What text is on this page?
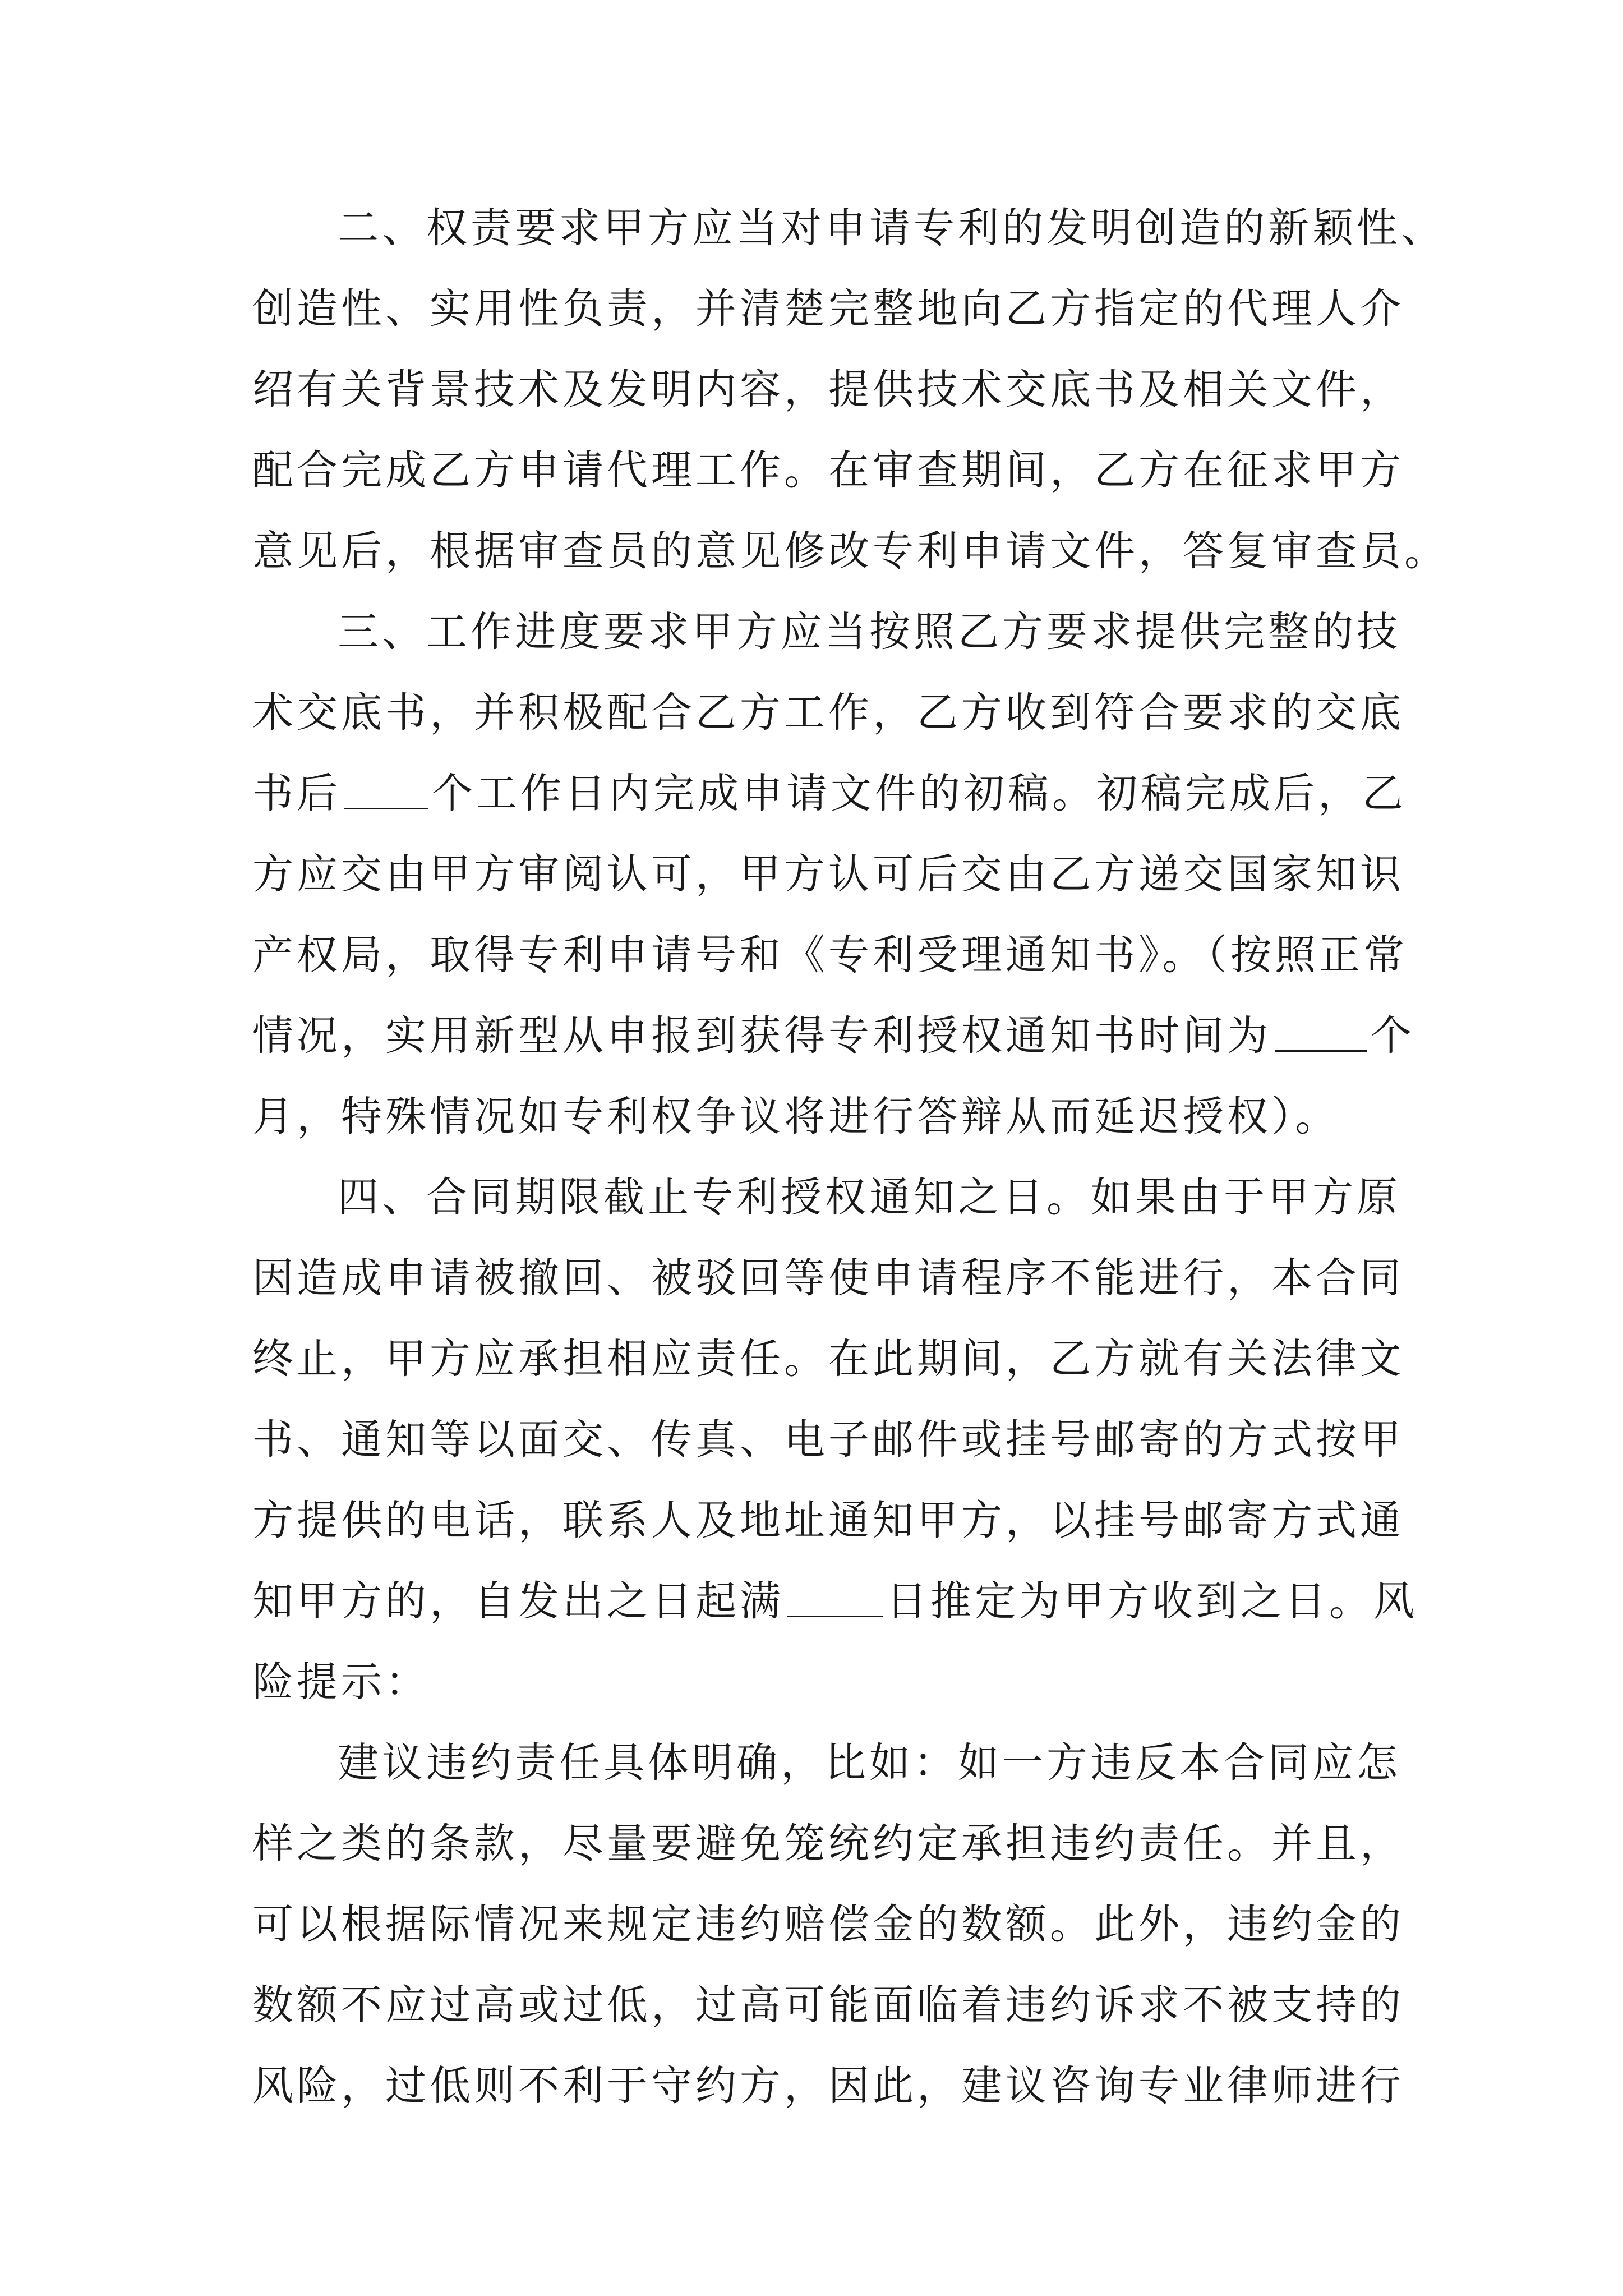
二、权责要求甲方应当对申请专利的发明创造的新颖性、
创造性、实用性负责，并清楚完整地向乙方指定的代理人介
绍有关背景技术及发明内容，提供技术交底书及相关文件，
配合完成乙方申请代理工作。在审查期间，乙方在征求甲方
意见后，根据审查员的意见修改专利申请文件，答复审查员。
三、工作进度要求甲方应当按照乙方要求提供完整的技
术交底书，并积极配合乙方工作，乙方收到符合要求的交底
书后 个工作日内完成申请文件的初稿。初稿完成后，乙
方应交由甲方审阅认可，甲方认可后交由乙方递交国家知识
产权局，取得专利申请号和《专利受理通知书》。（按照正常
情况，实用新型从申报到获得专利授权通知书时间为 个
月，特殊情况如专利权争议将进行答辩从而延迟授权）。
四、合同期限截止专利授权通知之日。如果由于甲方原
因造成申请被撤回、被驳回等使申请程序不能进行，本合同
终止，甲方应承担相应责任。在此期间，乙方就有关法律文
书、通知等以面交、传真、电子邮件或挂号邮寄的方式按甲
方提供的电话，联系人及地址通知甲方，以挂号邮寄方式通
知甲方的，自发出之日起满 日推定为甲方收到之日。风
险提示：
建议违约责任具体明确，比如：如一方违反本合同应怎
样之类的条款，尽量要避免笼统约定承担违约责任。并且，
可以根据际情况来规定违约赔偿金的数额。此外，违约金的
数额不应过高或过低，过高可能面临着违约诉求不被支持的
风险，过低则不利于守约方，因此，建议咨询专业律师进行
